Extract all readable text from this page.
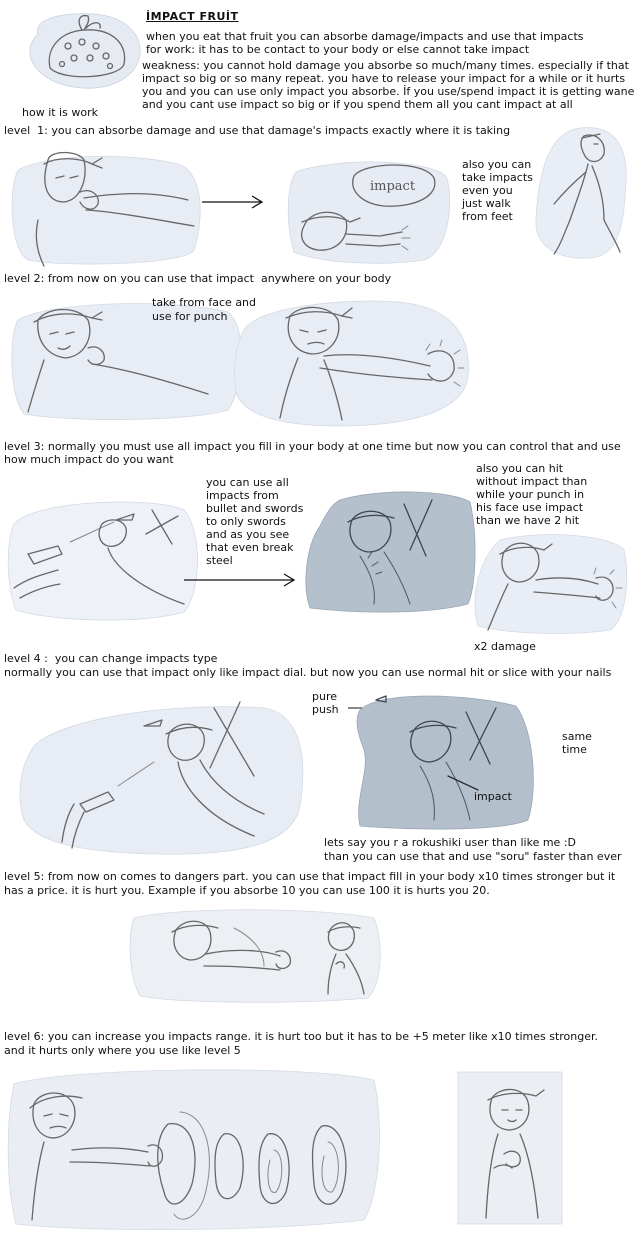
İMPACT FRUİT
when you eat that fruit you can absorbe damage/impacts and use that impacts
for work: it has to be contact to your body or else cannot take impact
weakness: you cannot hold damage you absorbe so much/many times. especially if that
impact so big or so many repeat. you have to release your impact for a while or it hurts
you and you can use only impact you absorbe. İf you use/spend impact it is getting wane
and you cant use impact so big or if you spend them all you cant impact at all
how it is work
level  1: you can absorbe damage and use that damage's impacts exactly where it is taking
impact
also you can
take impacts
even you
just walk
from feet
level 2: from now on you can use that impact  anywhere on your body
take from face and
use for punch
level 3: normally you must use all impact you fill in your body at one time but now you can control that and use
how much impact do you want
you can use all
impacts from
bullet and swords
to only swords
and as you see
that even break
steel
also you can hit
without impact than
while your punch in
his face use impact
than we have 2 hit
x2 damage
level 4 :  you can change impacts type
normally you can use that impact only like impact dial. but now you can use normal hit or slice with your nails
pure
push
same
time
impact
lets say you r a rokushiki user than like me :D
than you can use that and use "soru" faster than ever
level 5: from now on comes to dangers part. you can use that impact fill in your body x10 times stronger but it
has a price. it is hurt you. Example if you absorbe 10 you can use 100 it is hurts you 20.
level 6: you can increase you impacts range. it is hurt too but it has to be +5 meter like x10 times stronger.
and it hurts only where you use like level 5
